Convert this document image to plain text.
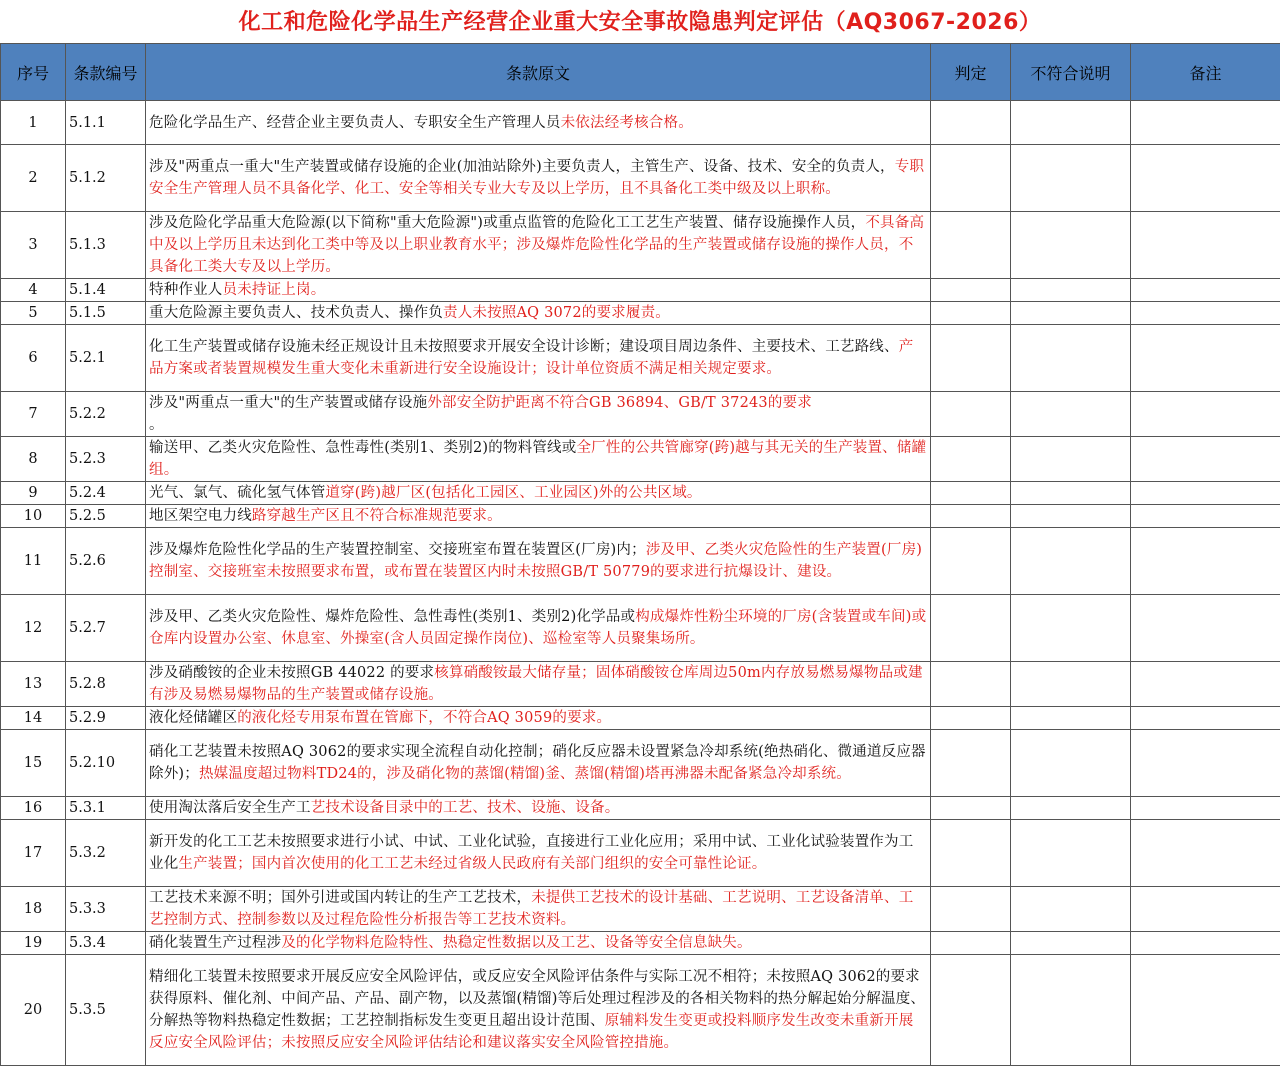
化工和危险化学品生产经营企业重大安全事故隐患判定评估（AQ3067-2026）
序号	条款编号	条款原文	判定	不符合说明	备注
1	5.1.1	危险化学品生产、经营企业主要负责人、专职安全生产管理人员未依法经考核合格。			
2	5.1.2	涉及"两重点一重大"生产装置或储存设施的企业(加油站除外)主要负责人，主管生产、设备、技术、安全的负责人，专职安全生产管理人员不具备化学、化工、安全等相关专业大专及以上学历，且不具备化工类中级及以上职称。			
3	5.1.3	涉及危险化学品重大危险源(以下简称"重大危险源")或重点监管的危险化工工艺生产装置、储存设施操作人员，不具备高中及以上学历且未达到化工类中等及以上职业教育水平；涉及爆炸危险性化学品的生产装置或储存设施的操作人员，不具备化工类大专及以上学历。			
4	5.1.4	特种作业人员未持证上岗。			
5	5.1.5	重大危险源主要负责人、技术负责人、操作负责人未按照AQ 3072的要求履责。			
6	5.2.1	化工生产装置或储存设施未经正规设计且未按照要求开展安全设计诊断；建设项目周边条件、主要技术、工艺路线、产品方案或者装置规模发生重大变化未重新进行安全设施设计；设计单位资质不满足相关规定要求。			
7	5.2.2	涉及"两重点一重大"的生产装置或储存设施外部安全防护距离不符合GB 36894、GB/T 37243的要求
。			
8	5.2.3	输送甲、乙类火灾危险性、急性毒性(类别1、类别2)的物料管线或全厂性的公共管廊穿(跨)越与其无关的生产装置、储罐组。			
9	5.2.4	光气、氯气、硫化氢气体管道穿(跨)越厂区(包括化工园区、工业园区)外的公共区域。			
10	5.2.5	地区架空电力线路穿越生产区且不符合标准规范要求。			
11	5.2.6	涉及爆炸危险性化学品的生产装置控制室、交接班室布置在装置区(厂房)内；涉及甲、乙类火灾危险性的生产装置(厂房)控制室、交接班室未按照要求布置，或布置在装置区内时未按照GB/T 50779的要求进行抗爆设计、建设。			
12	5.2.7	涉及甲、乙类火灾危险性、爆炸危险性、急性毒性(类别1、类别2)化学品或构成爆炸性粉尘环境的厂房(含装置或车间)或仓库内设置办公室、休息室、外操室(含人员固定操作岗位)、巡检室等人员聚集场所。			
13	5.2.8	涉及硝酸铵的企业未按照GB 44022 的要求核算硝酸铵最大储存量；固体硝酸铵仓库周边50m内存放易燃易爆物品或建有涉及易燃易爆物品的生产装置或储存设施。			
14	5.2.9	液化烃储罐区的液化烃专用泵布置在管廊下，不符合AQ 3059的要求。			
15	5.2.10	硝化工艺装置未按照AQ 3062的要求实现全流程自动化控制；硝化反应器未设置紧急冷却系统(绝热硝化、微通道反应器除外)；热媒温度超过物料TD24的，涉及硝化物的蒸馏(精馏)釜、蒸馏(精馏)塔再沸器未配备紧急冷却系统。			
16	5.3.1	使用淘汰落后安全生产工艺技术设备目录中的工艺、技术、设施、设备。			
17	5.3.2	新开发的化工工艺未按照要求进行小试、中试、工业化试验，直接进行工业化应用；采用中试、工业化试验装置作为工业化生产装置；国内首次使用的化工工艺未经过省级人民政府有关部门组织的安全可靠性论证。			
18	5.3.3	工艺技术来源不明；国外引进或国内转让的生产工艺技术，未提供工艺技术的设计基础、工艺说明、工艺设备清单、工艺控制方式、控制参数以及过程危险性分析报告等工艺技术资料。			
19	5.3.4	硝化装置生产过程涉及的化学物料危险特性、热稳定性数据以及工艺、设备等安全信息缺失。			
20	5.3.5	精细化工装置未按照要求开展反应安全风险评估，或反应安全风险评估条件与实际工况不相符；未按照AQ 3062的要求获得原料、催化剂、中间产品、产品、副产物，以及蒸馏(精馏)等后处理过程涉及的各相关物料的热分解起始分解温度、分解热等物料热稳定性数据；工艺控制指标发生变更且超出设计范围、原辅料发生变更或投料顺序发生改变未重新开展反应安全风险评估；未按照反应安全风险评估结论和建议落实安全风险管控措施。			
